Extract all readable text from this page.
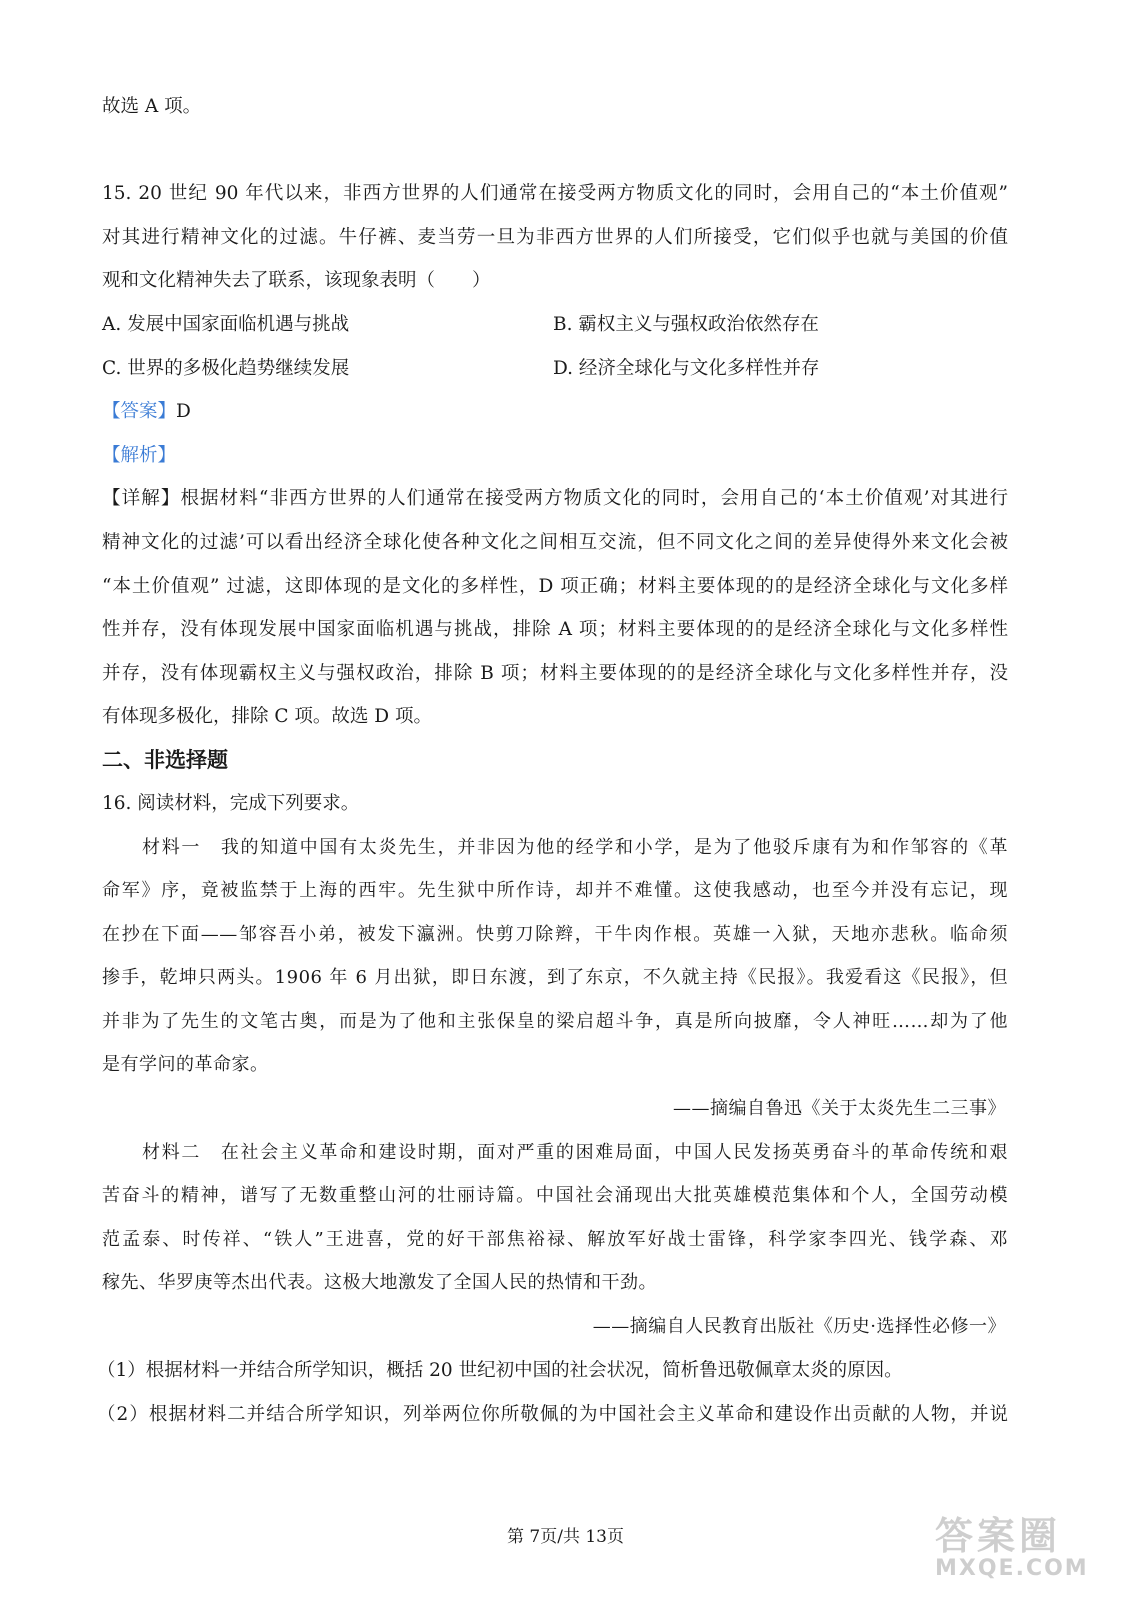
故选 A 项。
15. 20 世纪 90 年代以来，非西方世界的人们通常在接受两方物质文化的同时，会用自己的“本土价值观”
对其进行精神文化的过滤。牛仔裤、麦当劳一旦为非西方世界的人们所接受，它们似乎也就与美国的价值
观和文化精神失去了联系，该现象表明（　　）
A. 发展中国家面临机遇与挑战	B. 霸权主义与强权政治依然存在
C. 世界的多极化趋势继续发展	D. 经济全球化与文化多样性并存
【答案】D
【解析】
【详解】根据材料“非西方世界的人们通常在接受两方物质文化的同时，会用自己的‘本土价值观’对其进行
精神文化的过滤’可以看出经济全球化使各种文化之间相互交流，但不同文化之间的差异使得外来文化会被
“本土价值观” 过滤，这即体现的是文化的多样性，D 项正确；材料主要体现的的是经济全球化与文化多样
性并存，没有体现发展中国家面临机遇与挑战，排除 A 项；材料主要体现的的是经济全球化与文化多样性
并存，没有体现霸权主义与强权政治，排除 B 项；材料主要体现的的是经济全球化与文化多样性并存，没
有体现多极化，排除 C 项。故选 D 项。
二、非选择题
16. 阅读材料，完成下列要求。
材料一　我的知道中国有太炎先生，并非因为他的经学和小学，是为了他驳斥康有为和作邹容的《革
命军》序，竟被监禁于上海的西牢。先生狱中所作诗，却并不难懂。这使我感动，也至今并没有忘记，现
在抄在下面——邹容吾小弟，被发下瀛洲。快剪刀除辫，干牛肉作根。英雄一入狱，天地亦悲秋。临命须
掺手，乾坤只两头。1906 年 6 月出狱，即日东渡，到了东京，不久就主持《民报》。我爱看这《民报》，但
并非为了先生的文笔古奥，而是为了他和主张保皇的梁启超斗争，真是所向披靡，令人神旺……却为了他
是有学问的革命家。
——摘编自鲁迅《关于太炎先生二三事》
材料二　在社会主义革命和建设时期，面对严重的困难局面，中国人民发扬英勇奋斗的革命传统和艰
苦奋斗的精神，谱写了无数重整山河的壮丽诗篇。中国社会涌现出大批英雄模范集体和个人，全国劳动模
范孟泰、时传祥、“铁人”王进喜，党的好干部焦裕禄、解放军好战士雷锋，科学家李四光、钱学森、邓
稼先、华罗庚等杰出代表。这极大地激发了全国人民的热情和干劲。
——摘编自人民教育出版社《历史·选择性必修一》
（1）根据材料一并结合所学知识，概括 20 世纪初中国的社会状况，简析鲁迅敬佩章太炎的原因。
（2）根据材料二并结合所学知识，列举两位你所敬佩的为中国社会主义革命和建设作出贡献的人物，并说
第 7页/共 13页	答案圈
MXQE.COM
